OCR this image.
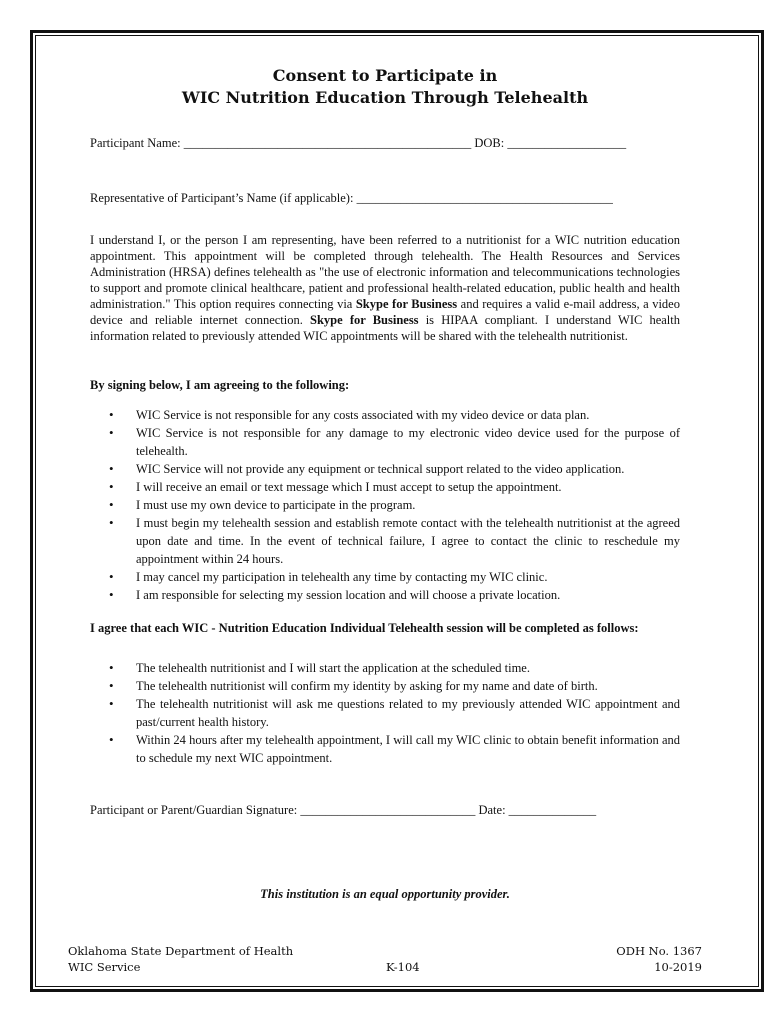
Consent to Participate in
WIC Nutrition Education Through Telehealth
Participant Name: ______________________________________________ DOB: ___________________
Representative of Participant’s Name (if applicable): _________________________________________
I understand I, or the person I am representing, have been referred to a nutritionist for a WIC nutrition education appointment. This appointment will be completed through telehealth. The Health Resources and Services Administration (HRSA) defines telehealth as "the use of electronic information and telecommunications technologies to support and promote clinical healthcare, patient and professional health-related education, public health and health administration." This option requires connecting via Skype for Business and requires a valid e-mail address, a video device and reliable internet connection. Skype for Business is HIPAA compliant. I understand WIC health information related to previously attended WIC appointments will be shared with the telehealth nutritionist.
By signing below, I am agreeing to the following:
• WIC Service is not responsible for any costs associated with my video device or data plan.
• WIC Service is not responsible for any damage to my electronic video device used for the purpose of telehealth.
• WIC Service will not provide any equipment or technical support related to the video application.
• I will receive an email or text message which I must accept to setup the appointment.
• I must use my own device to participate in the program.
• I must begin my telehealth session and establish remote contact with the telehealth nutritionist at the agreed upon date and time. In the event of technical failure, I agree to contact the clinic to reschedule my appointment within 24 hours.
• I may cancel my participation in telehealth any time by contacting my WIC clinic.
• I am responsible for selecting my session location and will choose a private location.
I agree that each WIC - Nutrition Education Individual Telehealth session will be completed as follows:
• The telehealth nutritionist and I will start the application at the scheduled time.
• The telehealth nutritionist will confirm my identity by asking for my name and date of birth.
• The telehealth nutritionist will ask me questions related to my previously attended WIC appointment and past/current health history.
• Within 24 hours after my telehealth appointment, I will call my WIC clinic to obtain benefit information and to schedule my next WIC appointment.
Participant or Parent/Guardian Signature: ____________________________ Date: ______________
This institution is an equal opportunity provider.
Oklahoma State Department of Health
WIC Service	K-104
ODH No. 1367
10-2019
